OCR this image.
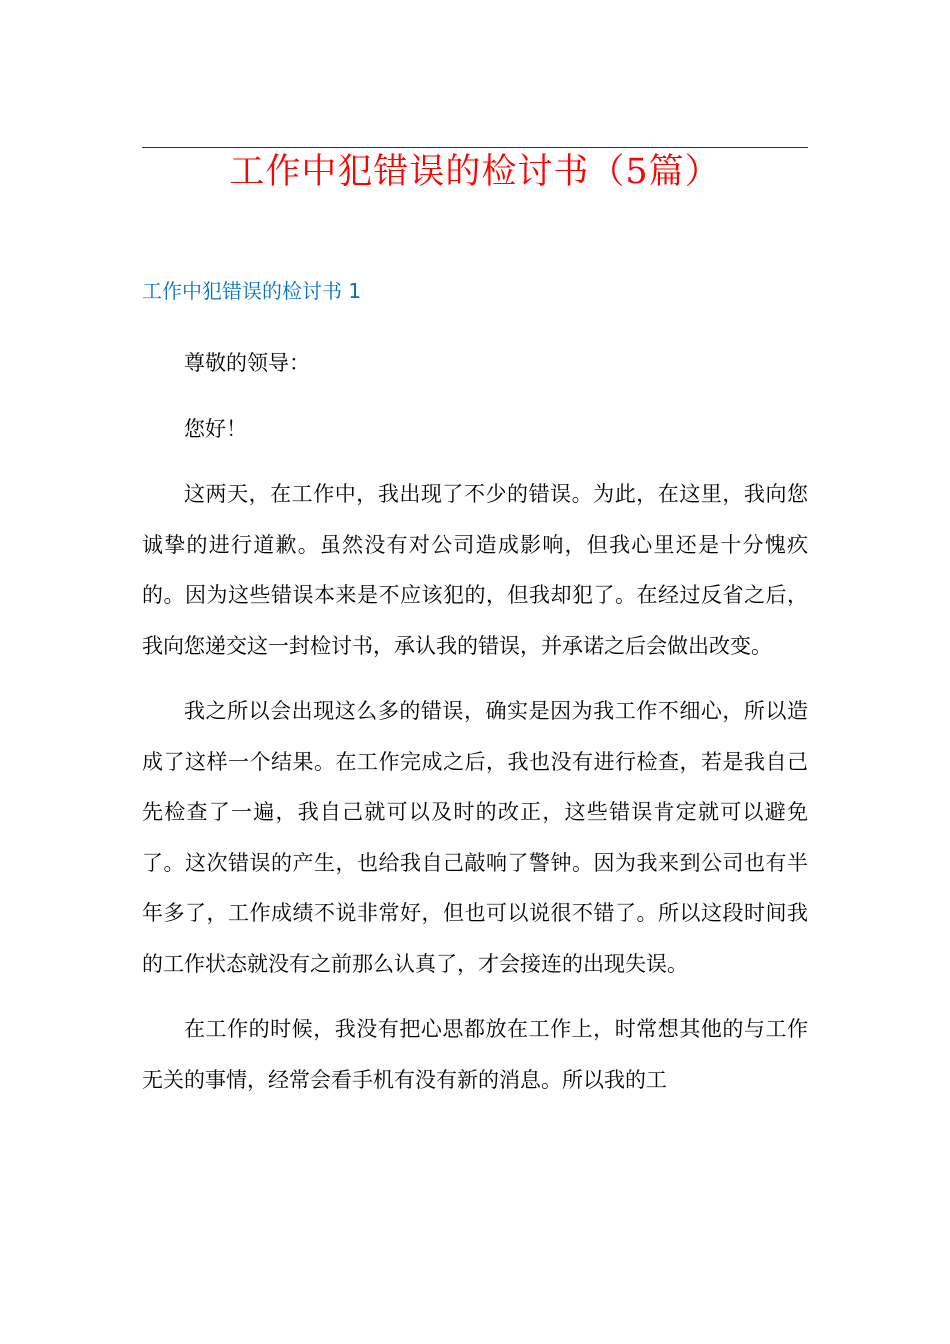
工作中犯错误的检讨书（5篇）
工作中犯错误的检讨书 1

尊敬的领导：

您好！

这两天，在工作中，我出现了不少的错误。为此，在这里，我向您诚挚的进行道歉。虽然没有对公司造成影响，但我心里还是十分愧疚的。因为这些错误本来是不应该犯的，但我却犯了。在经过反省之后，我向您递交这一封检讨书，承认我的错误，并承诺之后会做出改变。

我之所以会出现这么多的错误，确实是因为我工作不细心，所以造成了这样一个结果。在工作完成之后，我也没有进行检查，若是我自己先检查了一遍，我自己就可以及时的改正，这些错误肯定就可以避免了。这次错误的产生，也给我自己敲响了警钟。因为我来到公司也有半年多了，工作成绩不说非常好，但也可以说很不错了。所以这段时间我的工作状态就没有之前那么认真了，才会接连的出现失误。

在工作的时候，我没有把心思都放在工作上，时常想其他的与工作无关的事情，经常会看手机有没有新的消息。所以我的工
